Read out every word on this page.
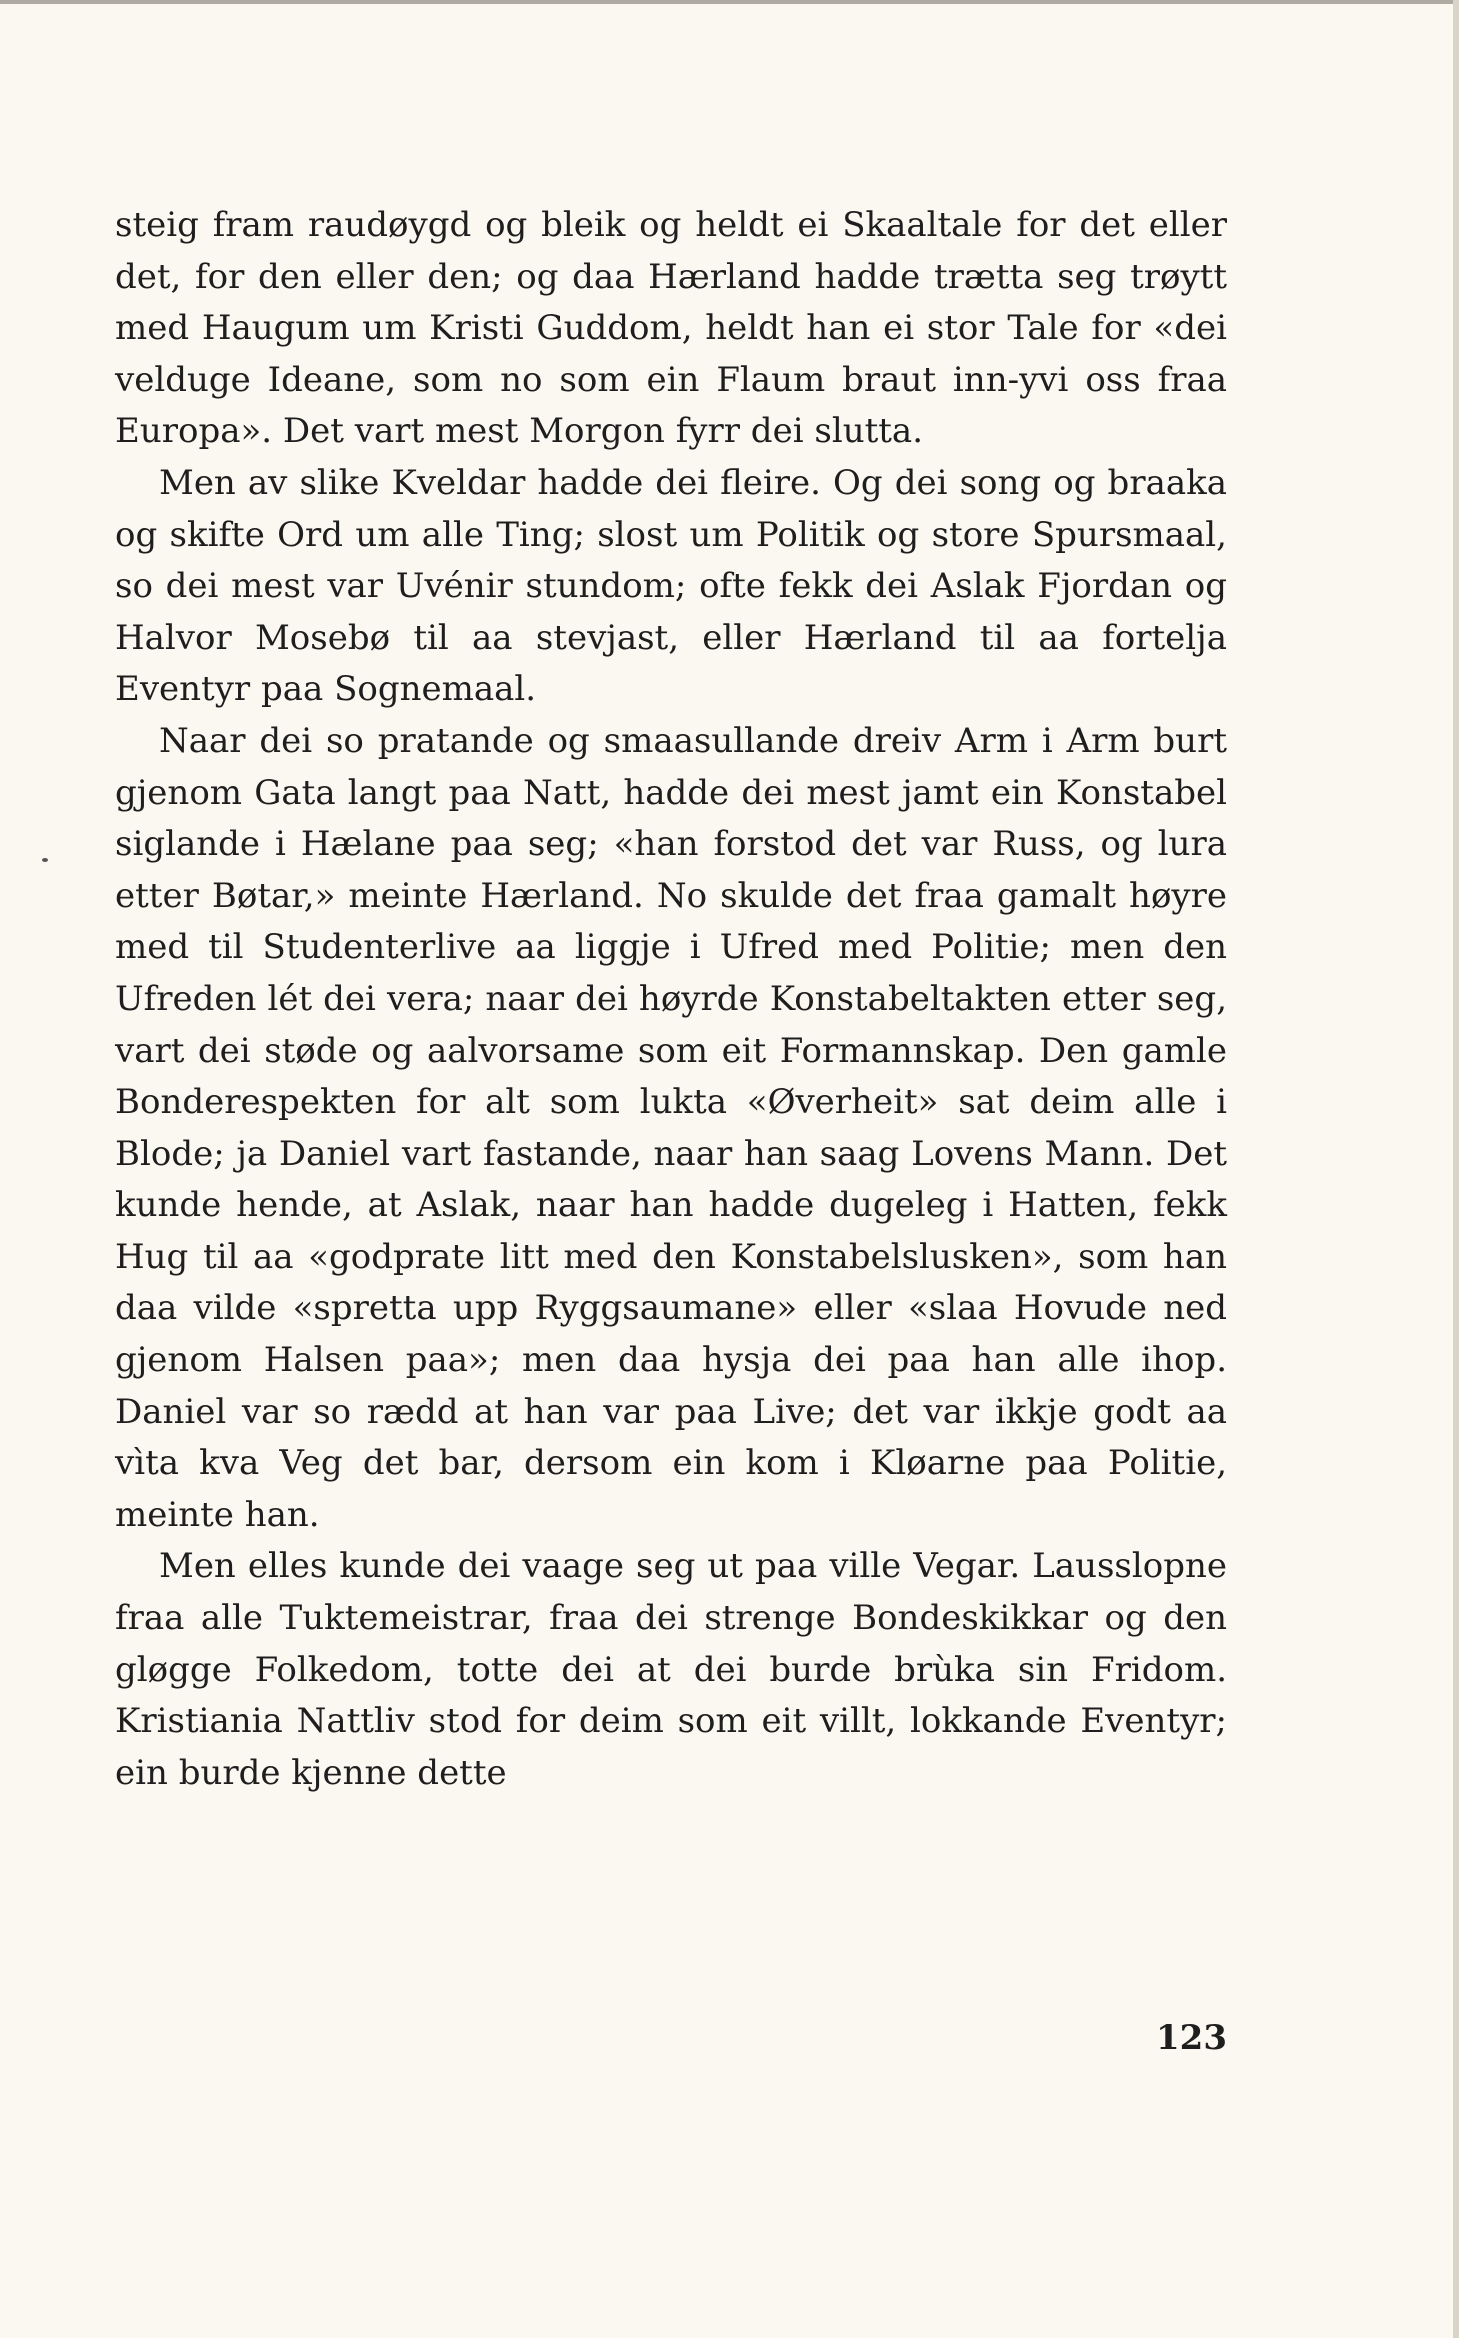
steig fram raudøygd og bleik og heldt ei Skaaltale for det eller det, for den eller den; og daa Hærland hadde trætta seg trøytt med Haugum um Kristi Guddom, heldt han ei stor Tale for «dei velduge Ideane, som no som ein Flaum braut inn-yvi oss fraa Europa». Det vart mest Morgon fyrr dei slutta.

Men av slike Kveldar hadde dei fleire. Og dei song og braaka og skifte Ord um alle Ting; slost um Politik og store Spursmaal, so dei mest var Uvénir stundom; ofte fekk dei Aslak Fjordan og Halvor Mosebø til aa stevjast, eller Hærland til aa fortelja Eventyr paa Sognemaal.

Naar dei so pratande og smaasullande dreiv Arm i Arm burt gjenom Gata langt paa Natt, hadde dei mest jamt ein Konstabel siglande i Hælane paa seg; «han forstod det var Russ, og lura etter Bøtar,» meinte Hærland. No skulde det fraa gamalt høyre med til Studenterlive aa liggje i Ufred med Politie; men den Ufreden lét dei vera; naar dei høyrde Konstabeltakten etter seg, vart dei støde og aalvorsame som eit Formannskap. Den gamle Bonderespekten for alt som lukta «Øverheit» sat deim alle i Blode; ja Daniel vart fastande, naar han saag Lovens Mann. Det kunde hende, at Aslak, naar han hadde dugeleg i Hatten, fekk Hug til aa «godprate litt med den Konstabelslusken», som han daa vilde «spretta upp Ryggsaumane» eller «slaa Hovude ned gjenom Halsen paa»; men daa hysja dei paa han alle ihop. Daniel var so rædd at han var paa Live; det var ikkje godt aa vìta kva Veg det bar, dersom ein kom i Kløarne paa Politie, meinte han.

Men elles kunde dei vaage seg ut paa ville Vegar. Lausslopne fraa alle Tuktemeistrar, fraa dei strenge Bondeskikkar og den gløgge Folkedom, totte dei at dei burde brùka sin Fridom. Kristiania Nattliv stod for deim som eit villt, lokkande Eventyr; ein burde kjenne dette

123
